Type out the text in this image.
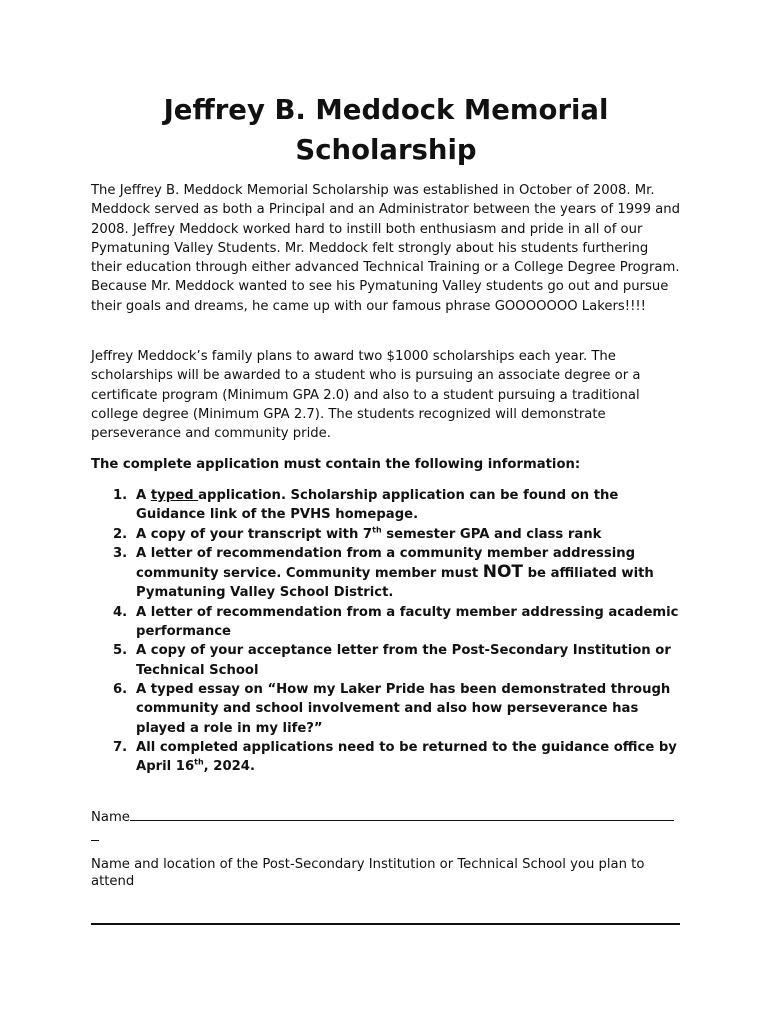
Jeffrey B. Meddock Memorial Scholarship

The Jeffrey B. Meddock Memorial Scholarship was established in October of 2008. Mr. Meddock served as both a Principal and an Administrator between the years of 1999 and 2008. Jeffrey Meddock worked hard to instill both enthusiasm and pride in all of our Pymatuning Valley Students. Mr. Meddock felt strongly about his students furthering their education through either advanced Technical Training or a College Degree Program. Because Mr. Meddock wanted to see his Pymatuning Valley students go out and pursue their goals and dreams, he came up with our famous phrase GOOOOOOO Lakers!!!!

Jeffrey Meddock’s family plans to award two $1000 scholarships each year. The scholarships will be awarded to a student who is pursuing an associate degree or a certificate program (Minimum GPA 2.0) and also to a student pursuing a traditional college degree (Minimum GPA 2.7). The students recognized will demonstrate perseverance and community pride.

The complete application must contain the following information:

1. A typed application. Scholarship application can be found on the Guidance link of the PVHS homepage.
2. A copy of your transcript with 7th semester GPA and class rank
3. A letter of recommendation from a community member addressing community service. Community member must NOT be affiliated with Pymatuning Valley School District.
4. A letter of recommendation from a faculty member addressing academic performance
5. A copy of your acceptance letter from the Post-Secondary Institution or Technical School
6. A typed essay on “How my Laker Pride has been demonstrated through community and school involvement and also how perseverance has played a role in my life?”
7. All completed applications need to be returned to the guidance office by April 16th, 2024.
Name

Name and location of the Post-Secondary Institution or Technical School you plan to attend
